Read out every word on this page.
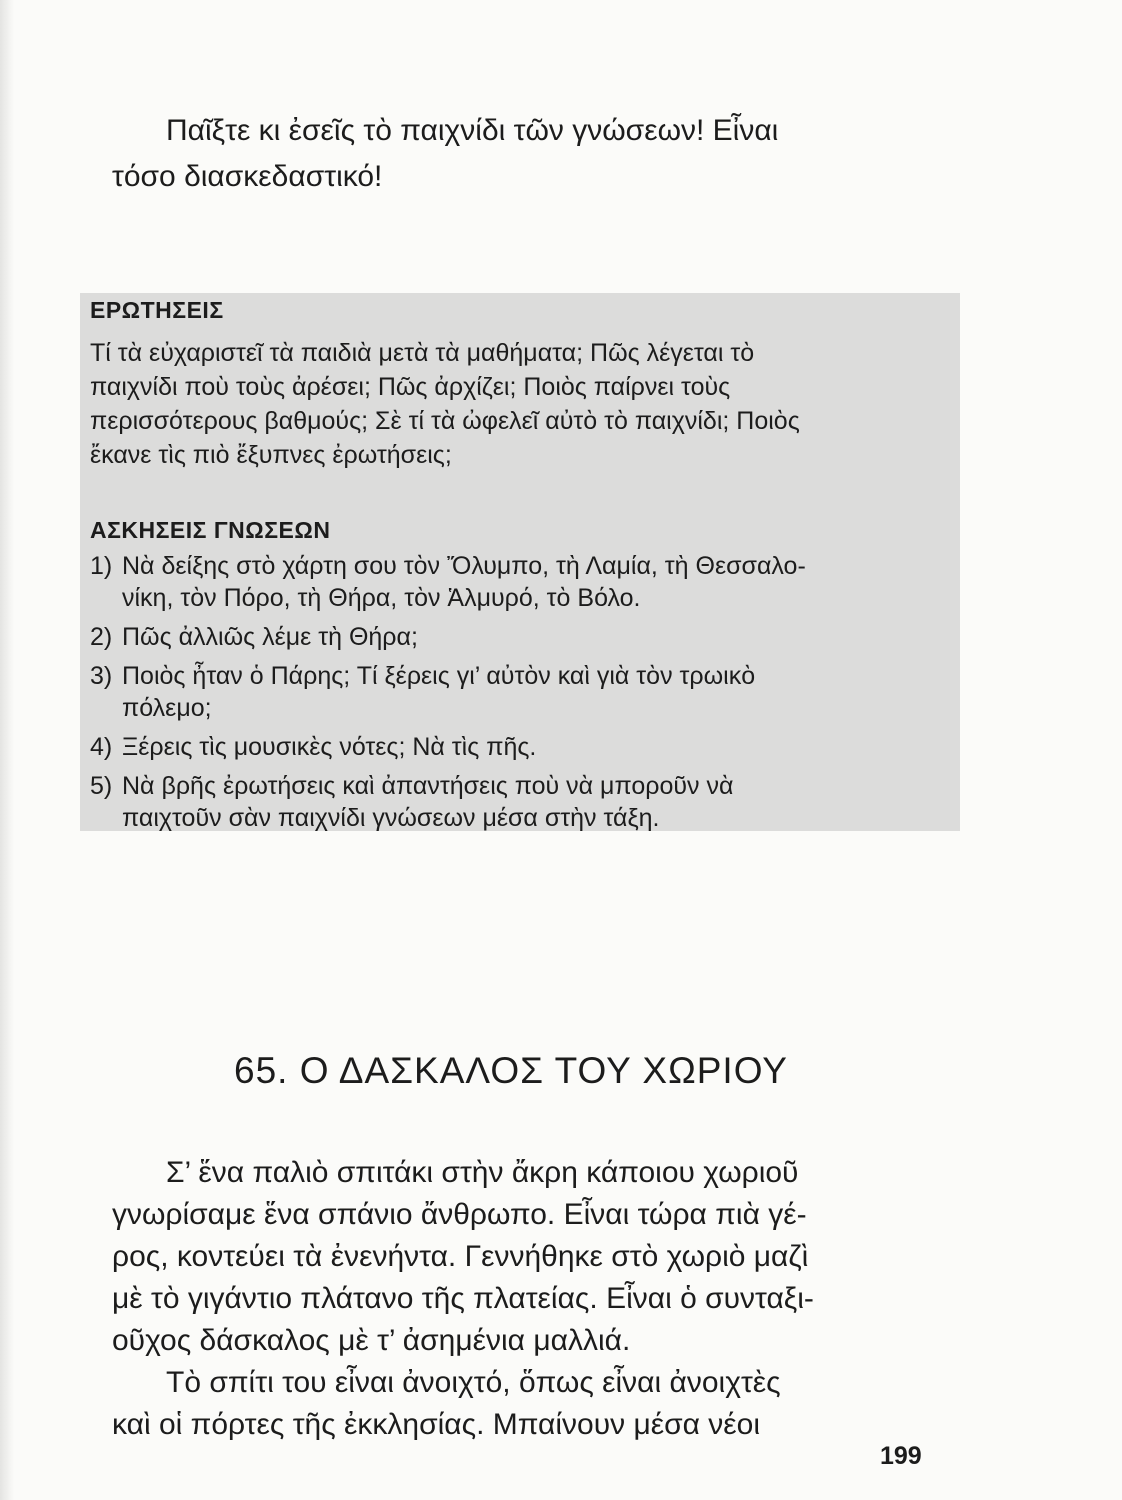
Παῖξτε κι ἐσεῖς τὸ παιχνίδι τῶν γνώσεων! Εἶναι
τόσο διασκεδαστικό!

ΕΡΩΤΗΣΕΙΣ

Τί τὰ εὐχαριστεῖ τὰ παιδιὰ μετὰ τὰ μαθήματα; Πῶς λέγεται τὸ
παιχνίδι ποὺ τοὺς ἀρέσει; Πῶς ἀρχίζει; Ποιὸς παίρνει τοὺς
περισσότερους βαθμούς; Σὲ τί τὰ ὠφελεῖ αὐτὸ τὸ παιχνίδι; Ποιὸς
ἔκανε τὶς πιὸ ἔξυπνες ἐρωτήσεις;

ΑΣΚΗΣΕΙΣ ΓΝΩΣΕΩΝ
1) Νὰ δείξης στὸ χάρτη σου τὸν Ὄλυμπο, τὴ Λαμία, τὴ Θεσσαλο-
νίκη, τὸν Πόρο, τὴ Θήρα, τὸν Ἁλμυρό, τὸ Βόλο.
2) Πῶς ἀλλιῶς λέμε τὴ Θήρα;
3) Ποιὸς ἦταν ὁ Πάρης; Τί ξέρεις γι’ αὐτὸν καὶ γιὰ τὸν τρωικὸ
πόλεμο;
4) Ξέρεις τὶς μουσικὲς νότες; Νὰ τὶς πῆς.
5) Νὰ βρῆς ἐρωτήσεις καὶ ἀπαντήσεις ποὺ νὰ μποροῦν νὰ
παιχτοῦν σὰν παιχνίδι γνώσεων μέσα στὴν τάξη.
65. Ο ΔΑΣΚΑΛΟΣ ΤΟΥ ΧΩΡΙΟΥ

Σ’ ἕνα παλιὸ σπιτάκι στὴν ἄκρη κάποιου χωριοῦ
γνωρίσαμε ἕνα σπάνιο ἄνθρωπο. Εἶναι τώρα πιὰ γέ-
ρος, κοντεύει τὰ ἐνενήντα. Γεννήθηκε στὸ χωριὸ μαζὶ
μὲ τὸ γιγάντιο πλάτανο τῆς πλατείας. Εἶναι ὁ συνταξι-
οῦχος δάσκαλος μὲ τ’ ἀσημένια μαλλιά.
Τὸ σπίτι του εἶναι ἀνοιχτό, ὅπως εἶναι ἀνοιχτὲς
καὶ οἱ πόρτες τῆς ἐκκλησίας. Μπαίνουν μέσα νέοι

199
